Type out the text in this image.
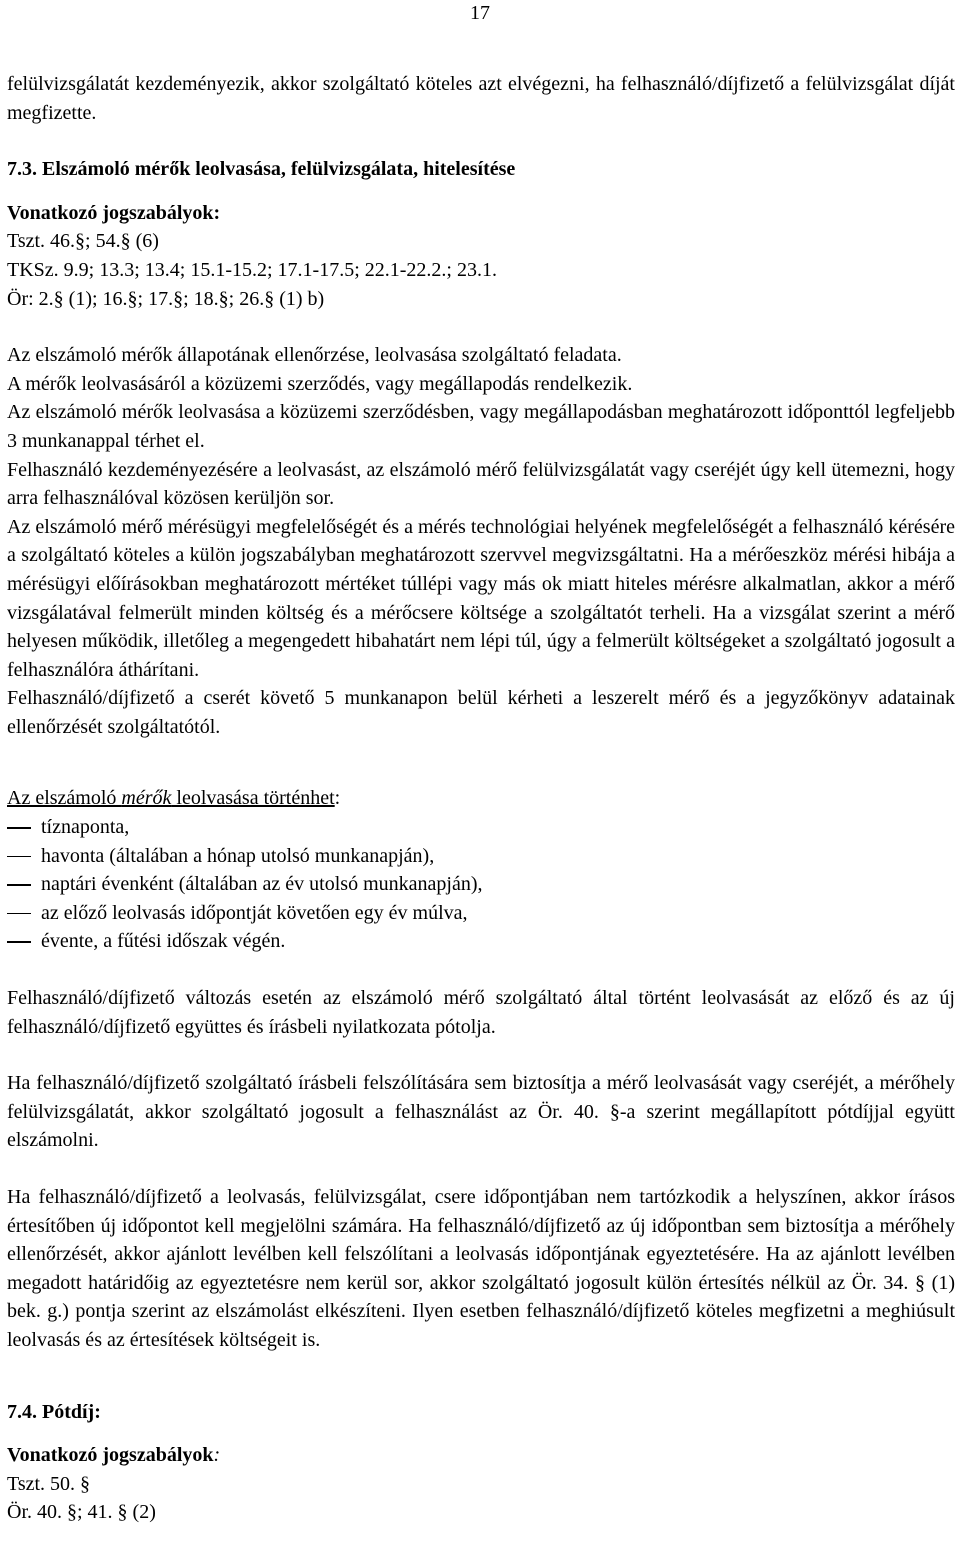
17

felülvizsgálatát kezdeményezik, akkor szolgáltató köteles azt elvégezni, ha felhasználó/díjfizető a felülvizsgálat díját megfizette.

7.3. Elszámoló mérők leolvasása, felülvizsgálata, hitelesítése

Vonatkozó jogszabályok:

Tszt. 46.§; 54.§ (6)

TKSz. 9.9; 13.3; 13.4; 15.1-15.2; 17.1-17.5; 22.1-22.2.; 23.1.

Ör: 2.§ (1); 16.§; 17.§; 18.§; 26.§ (1) b)

Az elszámoló mérők állapotának ellenőrzése, leolvasása szolgáltató feladata.

A mérők leolvasásáról a közüzemi szerződés, vagy megállapodás rendelkezik.

Az elszámoló mérők leolvasása a közüzemi szerződésben, vagy megállapodásban meghatározott időponttól legfeljebb 3 munkanappal térhet el.

Felhasználó kezdeményezésére a leolvasást, az elszámoló mérő felülvizsgálatát vagy cseréjét úgy kell ütemezni, hogy arra felhasználóval közösen kerüljön sor.

Az elszámoló mérő mérésügyi megfelelőségét és a mérés technológiai helyének megfelelőségét a felhasználó kérésére a szolgáltató köteles a külön jogszabályban meghatározott szervvel megvizsgáltatni. Ha a mérőeszköz mérési hibája a mérésügyi előírásokban meghatározott mértéket túllépi vagy más ok miatt hiteles mérésre alkalmatlan, akkor a mérő vizsgálatával felmerült minden költség és a mérőcsere költsége a szolgáltatót terheli. Ha a vizsgálat szerint a mérő helyesen működik, illetőleg a megengedett hibahatárt nem lépi túl, úgy a felmerült költségeket a szolgáltató jogosult a felhasználóra áthárítani.

Felhasználó/díjfizető a cserét követő 5 munkanapon belül kérheti a leszerelt mérő és a jegyzőkönyv adatainak ellenőrzését szolgáltatótól.

Az elszámoló mérők leolvasása történhet:

tíznaponta,
havonta (általában a hónap utolsó munkanapján),
naptári évenként (általában az év utolsó munkanapján),
az előző leolvasás időpontját követően egy év múlva,
évente, a fűtési időszak végén.

Felhasználó/díjfizető változás esetén az elszámoló mérő szolgáltató által történt leolvasását az előző és az új felhasználó/díjfizető együttes és írásbeli nyilatkozata pótolja.

Ha felhasználó/díjfizető szolgáltató írásbeli felszólítására sem biztosítja a mérő leolvasását vagy cseréjét, a mérőhely felülvizsgálatát, akkor szolgáltató jogosult a felhasználást az Ör. 40. §-a szerint megállapított pótdíjjal együtt elszámolni.

Ha felhasználó/díjfizető a leolvasás, felülvizsgálat, csere időpontjában nem tartózkodik a helyszínen, akkor írásos értesítőben új időpontot kell megjelölni számára. Ha felhasználó/díjfizető az új időpontban sem biztosítja a mérőhely ellenőrzését, akkor ajánlott levélben kell felszólítani a leolvasás időpontjának egyeztetésére. Ha az ajánlott levélben megadott határidőig az egyeztetésre nem kerül sor, akkor szolgáltató jogosult külön értesítés nélkül az Ör. 34. § (1) bek. g.) pontja szerint az elszámolást elkészíteni. Ilyen esetben felhasználó/díjfizető köteles megfizetni a meghiúsult leolvasás és az értesítések költségeit is.

7.4. Pótdíj:

Vonatkozó jogszabályok:

Tszt. 50. §

Ör. 40. §; 41. § (2)
